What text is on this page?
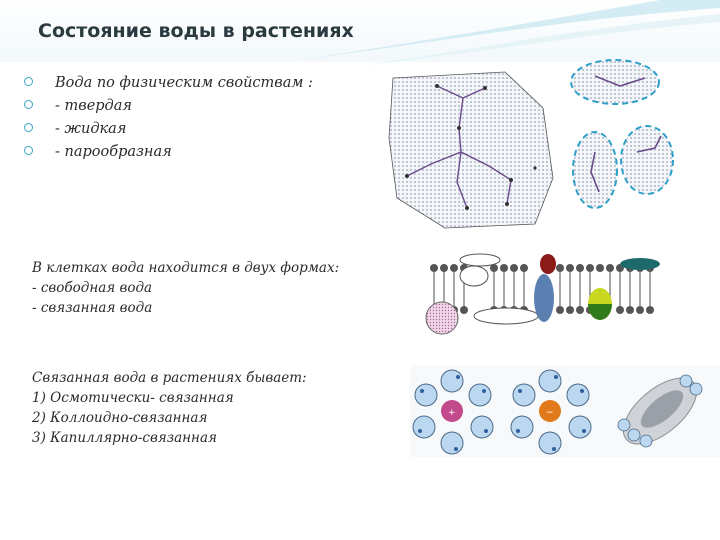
Состояние воды в растениях
Вода по физическим свойствам :
- твердая
- жидкая
- парообразная
В клетках вода находится в двух формах:
- свободная вода
- связанная вода
Связанная вода в растениях бывает:
1) Осмотически- связанная
2) Коллоидно-связанная
3) Капиллярно-связанная
+	−
